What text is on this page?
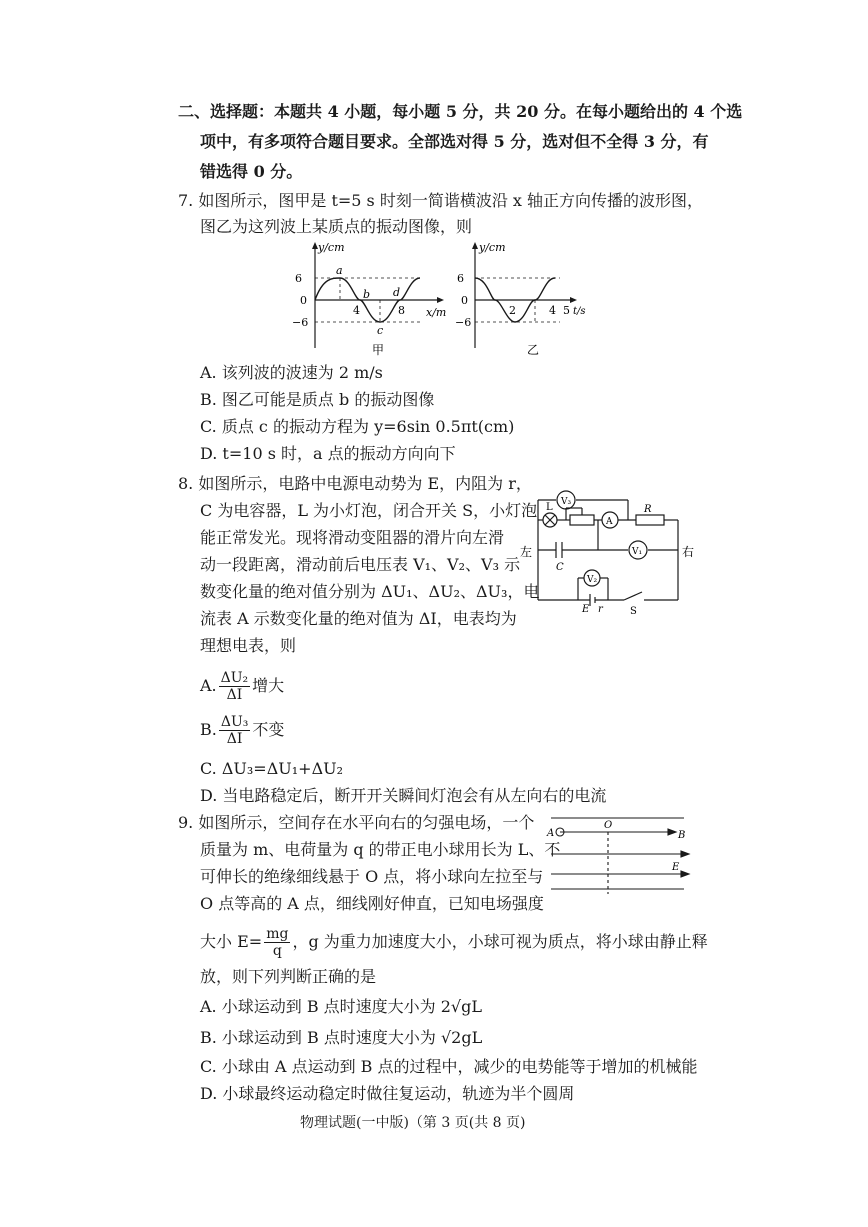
二、选择题：本题共 4 小题，每小题 5 分，共 20 分。在每小题给出的 4 个选
项中，有多项符合题目要求。全部选对得 5 分，选对但不全得 3 分，有
错选得 0 分。
7. 如图所示，图甲是 t=5 s 时刻一简谐横波沿 x 轴正方向传播的波形图，
图乙为这列波上某质点的振动图像，则
6
0
−6
y/cm
x/m
4	8
a
b
c
d
甲
6
0
−6
y/cm
2	4 5 t/s
乙
A. 该列波的波速为 2 m/s
B. 图乙可能是质点 b 的振动图像
C. 质点 c 的振动方程为 y=6sin 0.5πt(cm)
D. t=10 s 时，a 点的振动方向向下
8. 如图所示，电路中电源电动势为 E，内阻为 r，
C 为电容器，L 为小灯泡，闭合开关 S，小灯泡
能正常发光。现将滑动变阻器的滑片向左滑
动一段距离，滑动前后电压表 V₁、V₂、V₃ 示
数变化量的绝对值分别为 ΔU₁、ΔU₂、ΔU₃，电
流表 A 示数变化量的绝对值为 ΔI，电表均为
理想电表，则
V₃
A
V₁
V₂
R
L
C
E r	S
左	右
A. $\frac{\text{ΔU₂}}{\Delta I}$ 增大
B. $\frac{\text{ΔU₃}}{\Delta I}$ 不变
C. ΔU₃=ΔU₁+ΔU₂
D. 当电路稳定后，断开开关瞬间灯泡会有从左向右的电流
9. 如图所示，空间存在水平向右的匀强电场，一个
质量为 m、电荷量为 q 的带正电小球用长为 L、不
可伸长的绝缘细线悬于 O 点，将小球向左拉至与
O 点等高的 A 点，细线刚好伸直，已知电场强度
A
O
B
E
大小 $E= \frac{mg}{q}$ ，g 为重力加速度大小，小球可视为质点，将小球由静止释
放，则下列判断正确的是
A. 小球运动到 B 点时速度大小为 2√gL
B. 小球运动到 B 点时速度大小为 √2gL
C. 小球由 A 点运动到 B 点的过程中，减少的电势能等于增加的机械能
D. 小球最终运动稳定时做往复运动，轨迹为半个圆周
物理试题(一中版)（第 3 页(共 8 页)
